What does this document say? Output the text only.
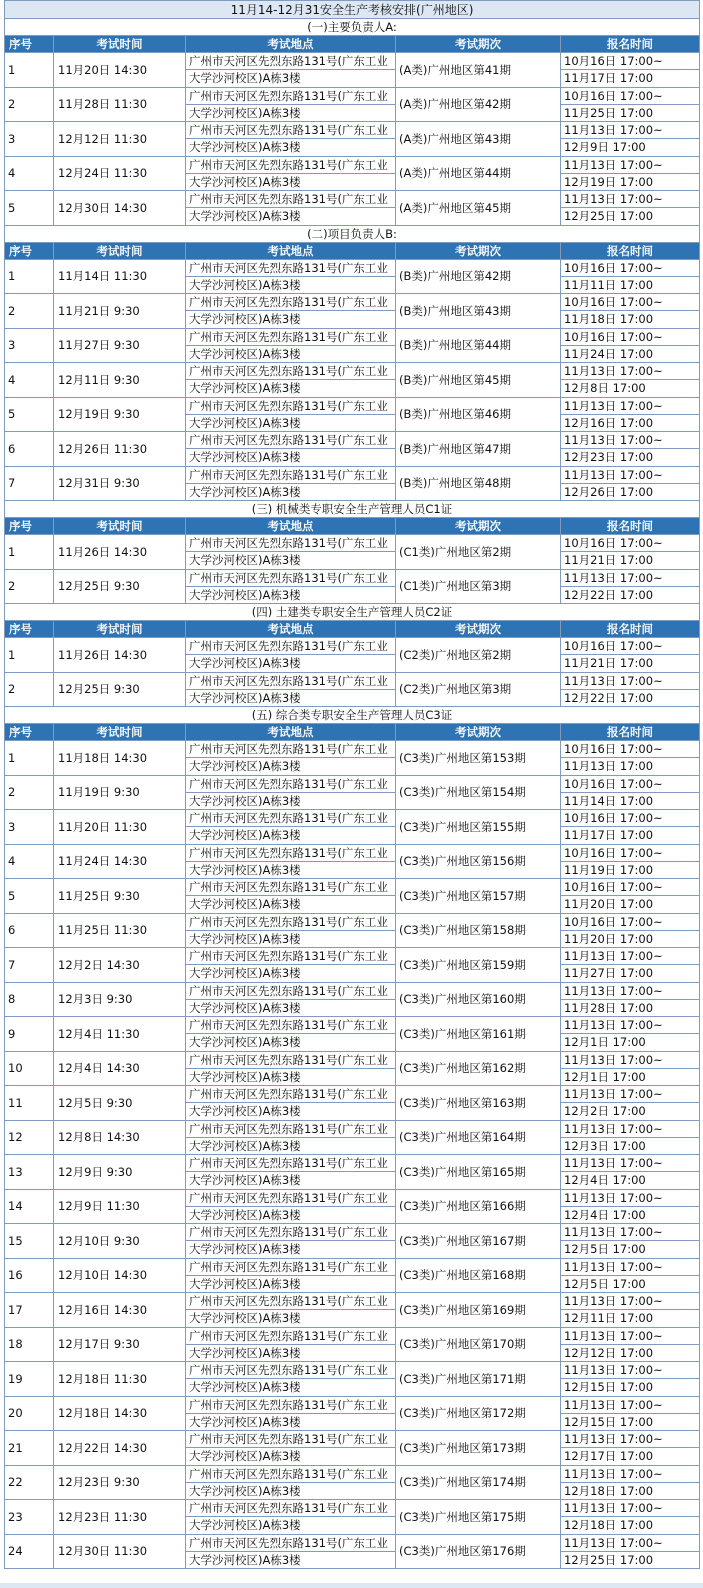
11月14-12月31安全生产考核安排(广州地区)				
(一)主要负责人A:				
序号	考试时间	考试地点	考试期次	报名时间
1	11月20日 14:30	广州市天河区先烈东路131号(广东工业	(A类)广州地区第41期	10月16日 17:00~
		大学沙河校区)A栋3楼		11月17日 17:00
2	11月28日 11:30	广州市天河区先烈东路131号(广东工业	(A类)广州地区第42期	10月16日 17:00~
		大学沙河校区)A栋3楼		11月25日 17:00
3	12月12日 11:30	广州市天河区先烈东路131号(广东工业	(A类)广州地区第43期	11月13日 17:00~
		大学沙河校区)A栋3楼		12月9日 17:00
4	12月24日 11:30	广州市天河区先烈东路131号(广东工业	(A类)广州地区第44期	11月13日 17:00~
		大学沙河校区)A栋3楼		12月19日 17:00
5	12月30日 14:30	广州市天河区先烈东路131号(广东工业	(A类)广州地区第45期	11月13日 17:00~
		大学沙河校区)A栋3楼		12月25日 17:00
(二)项目负责人B:				
序号	考试时间	考试地点	考试期次	报名时间
1	11月14日 11:30	广州市天河区先烈东路131号(广东工业	(B类)广州地区第42期	10月16日 17:00~
		大学沙河校区)A栋3楼		11月11日 17:00
2	11月21日 9:30	广州市天河区先烈东路131号(广东工业	(B类)广州地区第43期	10月16日 17:00~
		大学沙河校区)A栋3楼		11月18日 17:00
3	11月27日 9:30	广州市天河区先烈东路131号(广东工业	(B类)广州地区第44期	10月16日 17:00~
		大学沙河校区)A栋3楼		11月24日 17:00
4	12月11日 9:30	广州市天河区先烈东路131号(广东工业	(B类)广州地区第45期	11月13日 17:00~
		大学沙河校区)A栋3楼		12月8日 17:00
5	12月19日 9:30	广州市天河区先烈东路131号(广东工业	(B类)广州地区第46期	11月13日 17:00~
		大学沙河校区)A栋3楼		12月16日 17:00
6	12月26日 11:30	广州市天河区先烈东路131号(广东工业	(B类)广州地区第47期	11月13日 17:00~
		大学沙河校区)A栋3楼		12月23日 17:00
7	12月31日 9:30	广州市天河区先烈东路131号(广东工业	(B类)广州地区第48期	11月13日 17:00~
		大学沙河校区)A栋3楼		12月26日 17:00
(三) 机械类专职安全生产管理人员C1证				
序号	考试时间	考试地点	考试期次	报名时间
1	11月26日 14:30	广州市天河区先烈东路131号(广东工业	(C1类)广州地区第2期	10月16日 17:00~
		大学沙河校区)A栋3楼		11月21日 17:00
2	12月25日 9:30	广州市天河区先烈东路131号(广东工业	(C1类)广州地区第3期	11月13日 17:00~
		大学沙河校区)A栋3楼		12月22日 17:00
(四) 土建类专职安全生产管理人员C2证				
序号	考试时间	考试地点	考试期次	报名时间
1	11月26日 14:30	广州市天河区先烈东路131号(广东工业	(C2类)广州地区第2期	10月16日 17:00~
		大学沙河校区)A栋3楼		11月21日 17:00
2	12月25日 9:30	广州市天河区先烈东路131号(广东工业	(C2类)广州地区第3期	11月13日 17:00~
		大学沙河校区)A栋3楼		12月22日 17:00
(五) 综合类专职安全生产管理人员C3证				
序号	考试时间	考试地点	考试期次	报名时间
1	11月18日 14:30	广州市天河区先烈东路131号(广东工业	(C3类)广州地区第153期	10月16日 17:00~
		大学沙河校区)A栋3楼		11月13日 17:00
2	11月19日 9:30	广州市天河区先烈东路131号(广东工业	(C3类)广州地区第154期	10月16日 17:00~
		大学沙河校区)A栋3楼		11月14日 17:00
3	11月20日 11:30	广州市天河区先烈东路131号(广东工业	(C3类)广州地区第155期	10月16日 17:00~
		大学沙河校区)A栋3楼		11月17日 17:00
4	11月24日 14:30	广州市天河区先烈东路131号(广东工业	(C3类)广州地区第156期	10月16日 17:00~
		大学沙河校区)A栋3楼		11月19日 17:00
5	11月25日 9:30	广州市天河区先烈东路131号(广东工业	(C3类)广州地区第157期	10月16日 17:00~
		大学沙河校区)A栋3楼		11月20日 17:00
6	11月25日 11:30	广州市天河区先烈东路131号(广东工业	(C3类)广州地区第158期	10月16日 17:00~
		大学沙河校区)A栋3楼		11月20日 17:00
7	12月2日 14:30	广州市天河区先烈东路131号(广东工业	(C3类)广州地区第159期	11月13日 17:00~
		大学沙河校区)A栋3楼		11月27日 17:00
8	12月3日 9:30	广州市天河区先烈东路131号(广东工业	(C3类)广州地区第160期	11月13日 17:00~
		大学沙河校区)A栋3楼		11月28日 17:00
9	12月4日 11:30	广州市天河区先烈东路131号(广东工业	(C3类)广州地区第161期	11月13日 17:00~
		大学沙河校区)A栋3楼		12月1日 17:00
10	12月4日 14:30	广州市天河区先烈东路131号(广东工业	(C3类)广州地区第162期	11月13日 17:00~
		大学沙河校区)A栋3楼		12月1日 17:00
11	12月5日 9:30	广州市天河区先烈东路131号(广东工业	(C3类)广州地区第163期	11月13日 17:00~
		大学沙河校区)A栋3楼		12月2日 17:00
12	12月8日 14:30	广州市天河区先烈东路131号(广东工业	(C3类)广州地区第164期	11月13日 17:00~
		大学沙河校区)A栋3楼		12月3日 17:00
13	12月9日 9:30	广州市天河区先烈东路131号(广东工业	(C3类)广州地区第165期	11月13日 17:00~
		大学沙河校区)A栋3楼		12月4日 17:00
14	12月9日 11:30	广州市天河区先烈东路131号(广东工业	(C3类)广州地区第166期	11月13日 17:00~
		大学沙河校区)A栋3楼		12月4日 17:00
15	12月10日 9:30	广州市天河区先烈东路131号(广东工业	(C3类)广州地区第167期	11月13日 17:00~
		大学沙河校区)A栋3楼		12月5日 17:00
16	12月10日 14:30	广州市天河区先烈东路131号(广东工业	(C3类)广州地区第168期	11月13日 17:00~
		大学沙河校区)A栋3楼		12月5日 17:00
17	12月16日 14:30	广州市天河区先烈东路131号(广东工业	(C3类)广州地区第169期	11月13日 17:00~
		大学沙河校区)A栋3楼		12月11日 17:00
18	12月17日 9:30	广州市天河区先烈东路131号(广东工业	(C3类)广州地区第170期	11月13日 17:00~
		大学沙河校区)A栋3楼		12月12日 17:00
19	12月18日 11:30	广州市天河区先烈东路131号(广东工业	(C3类)广州地区第171期	11月13日 17:00~
		大学沙河校区)A栋3楼		12月15日 17:00
20	12月18日 14:30	广州市天河区先烈东路131号(广东工业	(C3类)广州地区第172期	11月13日 17:00~
		大学沙河校区)A栋3楼		12月15日 17:00
21	12月22日 14:30	广州市天河区先烈东路131号(广东工业	(C3类)广州地区第173期	11月13日 17:00~
		大学沙河校区)A栋3楼		12月17日 17:00
22	12月23日 9:30	广州市天河区先烈东路131号(广东工业	(C3类)广州地区第174期	11月13日 17:00~
		大学沙河校区)A栋3楼		12月18日 17:00
23	12月23日 11:30	广州市天河区先烈东路131号(广东工业	(C3类)广州地区第175期	11月13日 17:00~
		大学沙河校区)A栋3楼		12月18日 17:00
24	12月30日 11:30	广州市天河区先烈东路131号(广东工业	(C3类)广州地区第176期	11月13日 17:00~
		大学沙河校区)A栋3楼		12月25日 17:00
